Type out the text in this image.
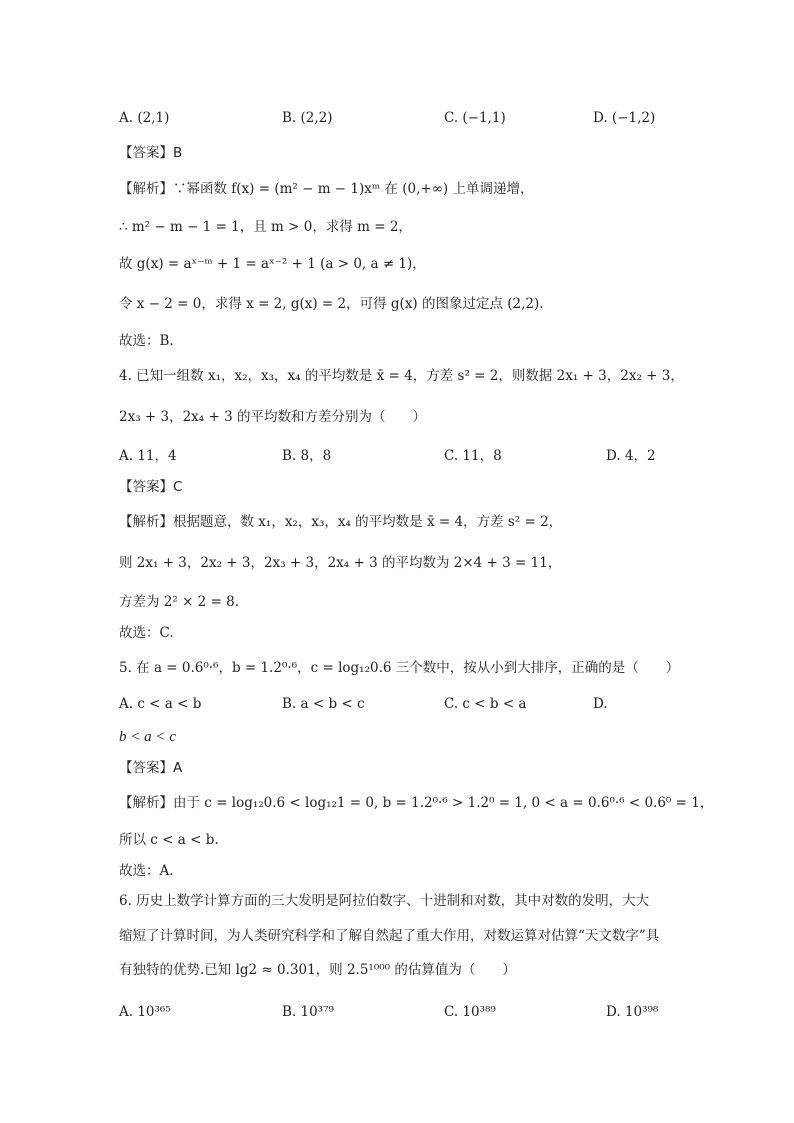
A. (2,1)	B. (2,2)	C. (−1,1)	D. (−1,2)
【答案】B
【解析】∵幂函数 f(x) = (m² − m − 1)xᵐ 在 (0,+∞) 上单调递增，
∴ m² − m − 1 = 1，且 m > 0，求得 m = 2，
故 g(x) = aˣ⁻ᵐ + 1 = aˣ⁻² + 1 (a > 0, a ≠ 1)，
令 x − 2 = 0，求得 x = 2, g(x) = 2，可得 g(x) 的图象过定点 (2,2).
故选：B.
4. 已知一组数 x₁，x₂，x₃，x₄ 的平均数是 x̄ = 4，方差 s² = 2，则数据 2x₁ + 3，2x₂ + 3，
2x₃ + 3，2x₄ + 3 的平均数和方差分别为（　　）
A. 11，4	B. 8，8	C. 11，8	D. 4，2
【答案】C
【解析】根据题意，数 x₁，x₂，x₃，x₄ 的平均数是 x̄ = 4，方差 s² = 2，
则 2x₁ + 3，2x₂ + 3，2x₃ + 3，2x₄ + 3 的平均数为 2×4 + 3 = 11，
方差为 2² × 2 = 8.
故选：C.
5. 在 a = 0.6⁰·⁶，b = 1.2⁰·⁶，c = log₁₂0.6 三个数中，按从小到大排序，正确的是（　　）
A. c < a < b	B. a < b < c	C. c < b < a	D.
b < a < c
【答案】A
【解析】由于 c = log₁₂0.6 < log₁₂1 = 0, b = 1.2⁰·⁶ > 1.2⁰ = 1, 0 < a = 0.6⁰·⁶ < 0.6⁰ = 1，
所以 c < a < b.
故选：A.
6. 历史上数学计算方面的三大发明是阿拉伯数字、十进制和对数，其中对数的发明，大大
缩短了计算时间，为人类研究科学和了解自然起了重大作用，对数运算对估算“天文数字”具
有独特的优势.已知 lg2 ≈ 0.301，则 2.5¹⁰⁰⁰ 的估算值为（　　）
A. 10³⁶⁵	B. 10³⁷⁹	C. 10³⁸⁹	D. 10³⁹⁸
